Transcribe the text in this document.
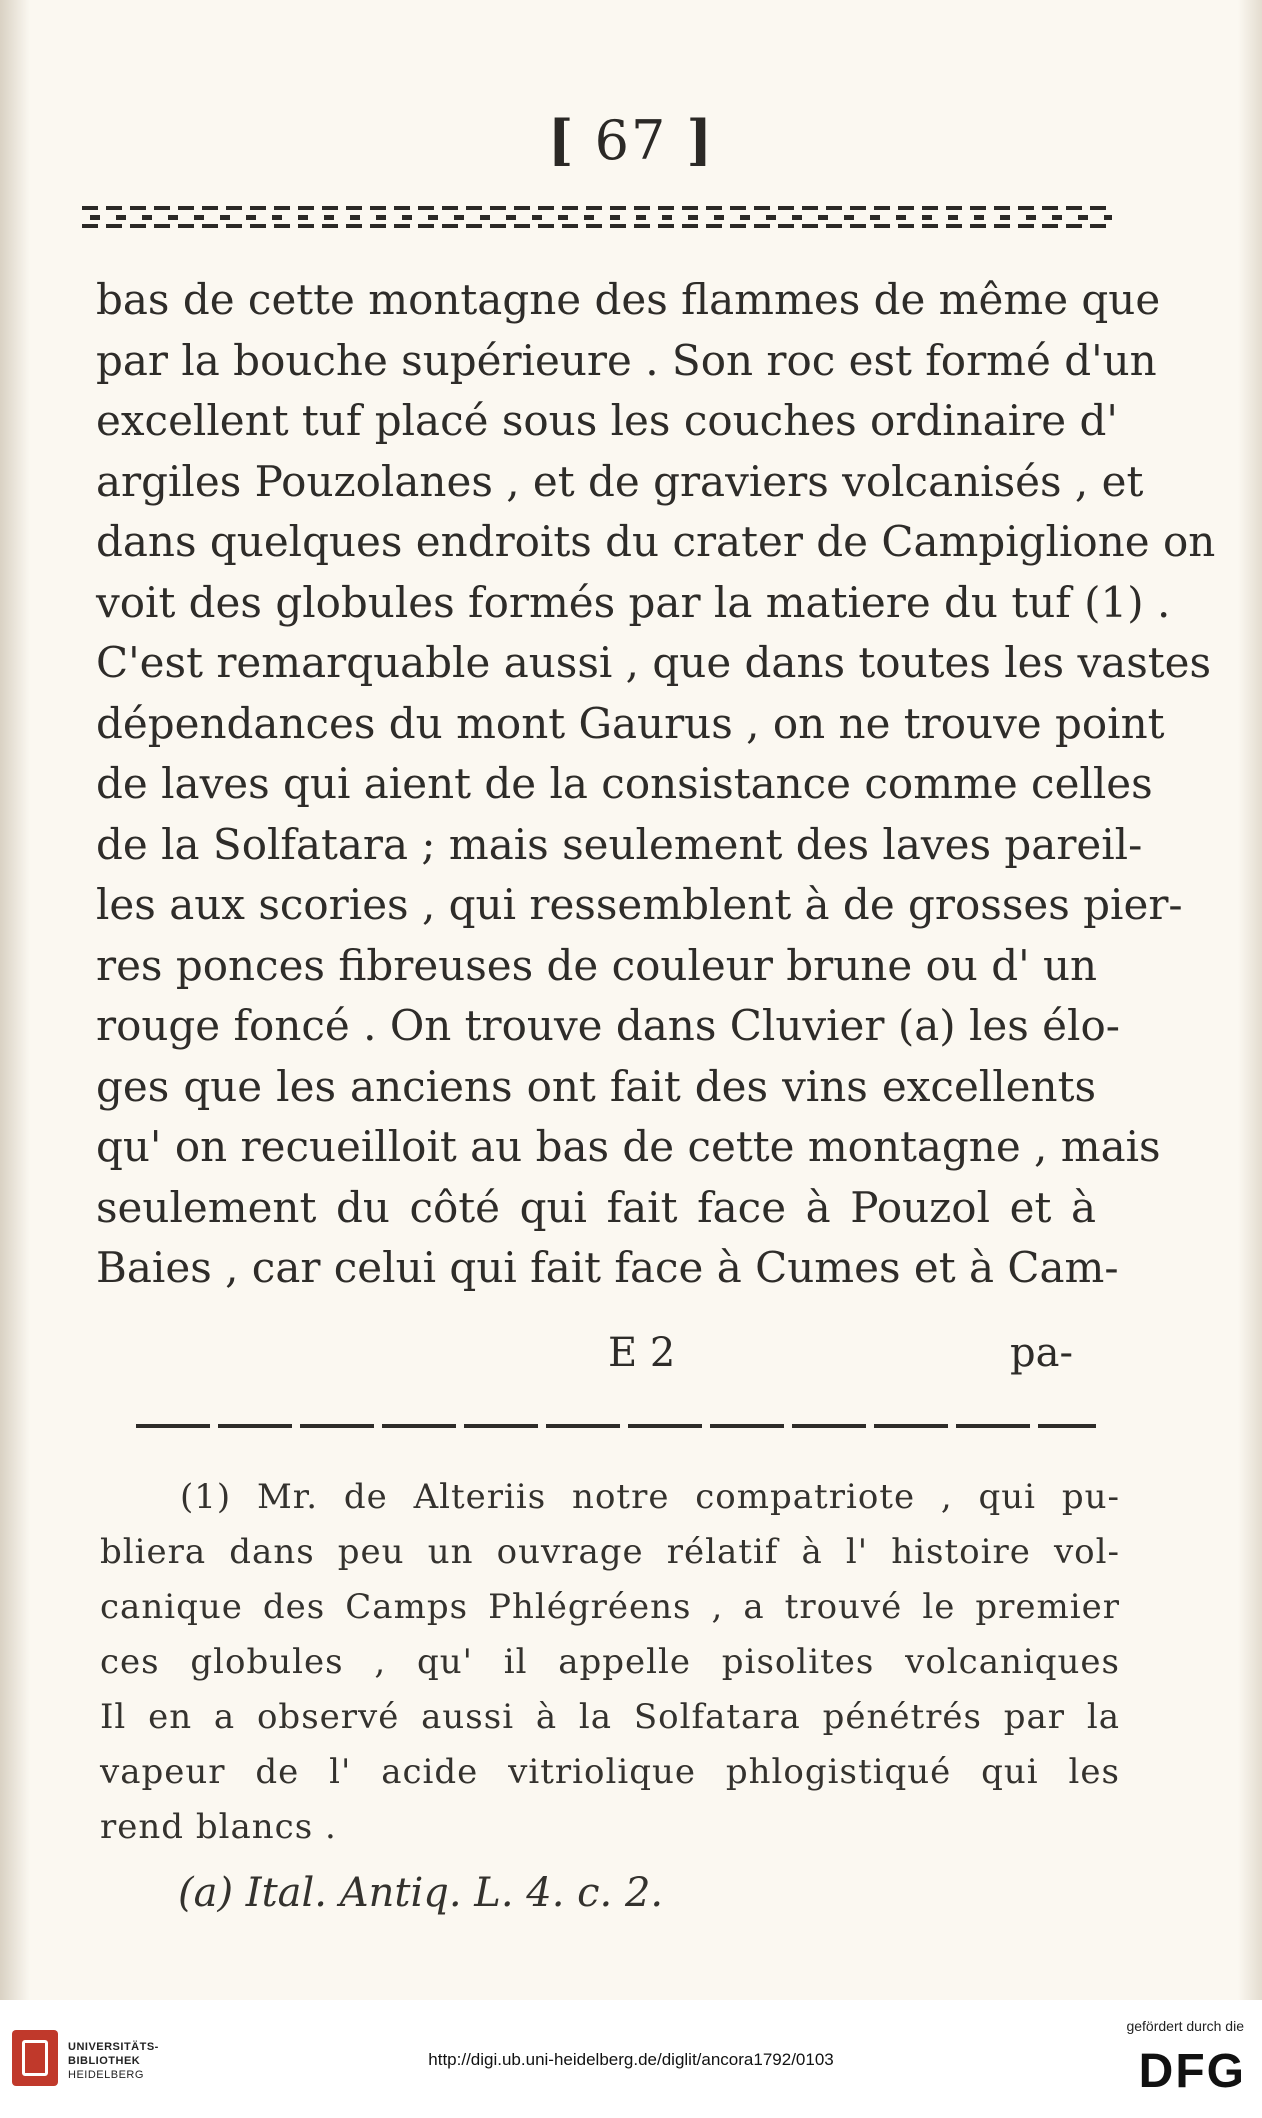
[ 67 ]
bas de cette montagne des flammes de même que
par la bouche supérieure . Son roc est formé d'un
excellent tuf placé sous les couches ordinaire d'
argiles Pouzolanes , et de graviers volcanisés , et
dans quelques endroits du crater de Campiglione on
voit des globules formés par la matiere du tuf (1) .
C'est remarquable aussi , que dans toutes les vastes
dépendances du mont Gaurus , on ne trouve point
de laves qui aient de la consistance comme celles
de la Solfatara ; mais seulement des laves pareil-
les aux scories , qui ressemblent à de grosses pier-
res ponces fibreuses de couleur brune ou d' un
rouge foncé . On trouve dans Cluvier (a) les élo-
ges que les anciens ont fait des vins excellents
qu' on recueilloit au bas de cette montagne , mais
seulement du côté qui fait face à Pouzol et à
Baies , car celui qui fait face à Cumes et à Cam-
E 2	pa-
(1) Mr. de Alteriis notre compatriote , qui pu-
bliera dans peu un ouvrage rélatif à l' histoire vol-
canique des Camps Phlégréens , a trouvé le premier
ces globules , qu' il appelle pisolites volcaniques
Il en a observé aussi à la Solfatara pénétrés par la
vapeur de l' acide vitriolique phlogistiqué qui les
rend blancs .
(a) Ital. Antiq. L. 4. c. 2.
UNIVERSITÄTS-
BIBLIOTHEK
HEIDELBERG
http://digi.ub.uni-heidelberg.de/diglit/ancora1792/0103
gefördert durch die
DFG
